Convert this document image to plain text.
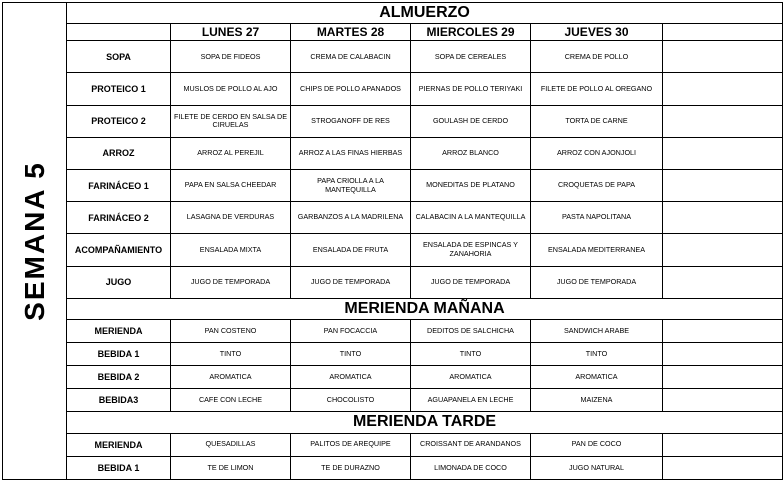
SEMANA 5	ALMUERZO					
		LUNES 27	MARTES 28	MIERCOLES 29	JUEVES 30	
	SOPA	SOPA DE FIDEOS	CREMA DE CALABACIN	SOPA DE CEREALES	CREMA DE POLLO	
	PROTEICO 1	MUSLOS DE POLLO AL AJO	CHIPS DE POLLO APANADOS	PIERNAS DE POLLO TERIYAKI	FILETE DE POLLO AL OREGANO	
	PROTEICO 2	FILETE DE CERDO EN SALSA DE CIRUELAS	STROGANOFF DE RES	GOULASH DE CERDO	TORTA DE CARNE	
	ARROZ	ARROZ AL PEREJIL	ARROZ A LAS FINAS HIERBAS	ARROZ BLANCO	ARROZ CON AJONJOLI	
	FARINÁCEO 1	PAPA EN SALSA CHEEDAR	PAPA CRIOLLA A LA MANTEQUILLA	MONEDITAS DE PLATANO	CROQUETAS DE PAPA	
	FARINÁCEO 2	LASAGNA DE VERDURAS	GARBANZOS A LA MADRILENA	CALABACIN A LA MANTEQUILLA	PASTA NAPOLITANA	
	ACOMPAÑAMIENTO	ENSALADA MIXTA	ENSALADA DE FRUTA	ENSALADA DE ESPINCAS Y ZANAHORIA	ENSALADA MEDITERRANEA	
	JUGO	JUGO DE TEMPORADA	JUGO DE TEMPORADA	JUGO DE TEMPORADA	JUGO DE TEMPORADA	
	MERIENDA MAÑANA					
	MERIENDA	PAN COSTENO	PAN FOCACCIA	DEDITOS DE SALCHICHA	SANDWICH ARABE	
	BEBIDA 1	TINTO	TINTO	TINTO	TINTO	
	BEBIDA 2	AROMATICA	AROMATICA	AROMATICA	AROMATICA	
	BEBIDA3	CAFE CON LECHE	CHOCOLISTO	AGUAPANELA EN LECHE	MAIZENA	
	MERIENDA TARDE					
	MERIENDA	QUESADILLAS	PALITOS DE AREQUIPE	CROISSANT DE ARANDANOS	PAN DE COCO	
	BEBIDA 1	TE DE LIMON	TE DE DURAZNO	LIMONADA DE COCO	JUGO NATURAL	
